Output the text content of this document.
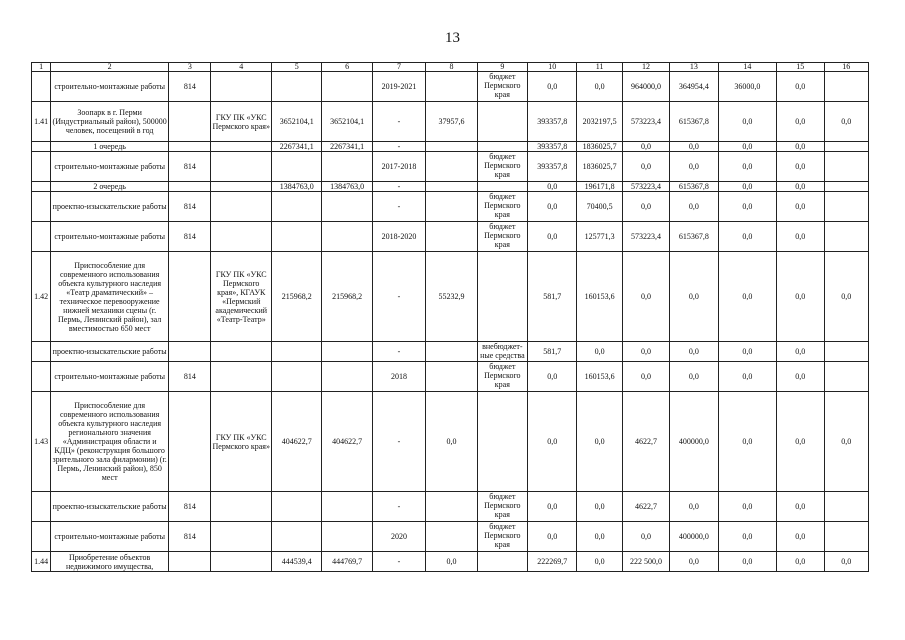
13
1	2	3	4	5	6	7	8	9	10	11	12	13	14	15	16
	строительно-монтажные работы	814				2019-2021		бюджет Пермского края	0,0	0,0	964000,0	364954,4	36000,0	0,0	
1.41	Зоопарк в г. Перми (Индустриальный район), 500000 человек, посещений в год		ГКУ ПК «УКС Пермского края»	3652104,1	3652104,1	-	37957,6		393357,8	2032197,5	573223,4	615367,8	0,0	0,0	0,0
	1 очередь			2267341,1	2267341,1	-			393357,8	1836025,7	0,0	0,0	0,0	0,0	
	строительно-монтажные работы	814				2017-2018		бюджет Пермского края	393357,8	1836025,7	0,0	0,0	0,0	0,0	
	2 очередь			1384763,0	1384763,0	-			0,0	196171,8	573223,4	615367,8	0,0	0,0	
	проектно-изыскательские работы	814				-		бюджет Пермского края	0,0	70400,5	0,0	0,0	0,0	0,0	
	строительно-монтажные работы	814				2018-2020		бюджет Пермского края	0,0	125771,3	573223,4	615367,8	0,0	0,0	
1.42	Приспособление для современного использования объекта культурного наследия «Театр драматический» – техническое перевооружение нижней механики сцены (г. Пермь, Ленинский район), зал вместимостью 650 мест		ГКУ ПК «УКС Пермского края», КГАУК «Пермский академический «Театр-Театр»	215968,2	215968,2	-	55232,9		581,7	160153,6	0,0	0,0	0,0	0,0	0,0
	проектно-изыскательские работы					-		внебюджет-ные средства	581,7	0,0	0,0	0,0	0,0	0,0	
	строительно-монтажные работы	814				2018		бюджет Пермского края	0,0	160153,6	0,0	0,0	0,0	0,0	
1.43	Приспособление для современного использования объекта культурного наследия регионального значения «Администрация области и КДЦ» (реконструкция большого зрительного зала филармонии) (г. Пермь, Ленинский район), 850 мест		ГКУ ПК «УКС Пермского края»	404622,7	404622,7	-	0,0		0,0	0,0	4622,7	400000,0	0,0	0,0	0,0
	проектно-изыскательские работы	814				-		бюджет Пермского края	0,0	0,0	4622,7	0,0	0,0	0,0	
	строительно-монтажные работы	814				2020		бюджет Пермского края	0,0	0,0	0,0	400000,0	0,0	0,0	
1.44	Приобретение объектов недвижимого имущества,			444539,4	444769,7	-	0,0		222269,7	0,0	222 500,0	0,0	0,0	0,0	0,0
